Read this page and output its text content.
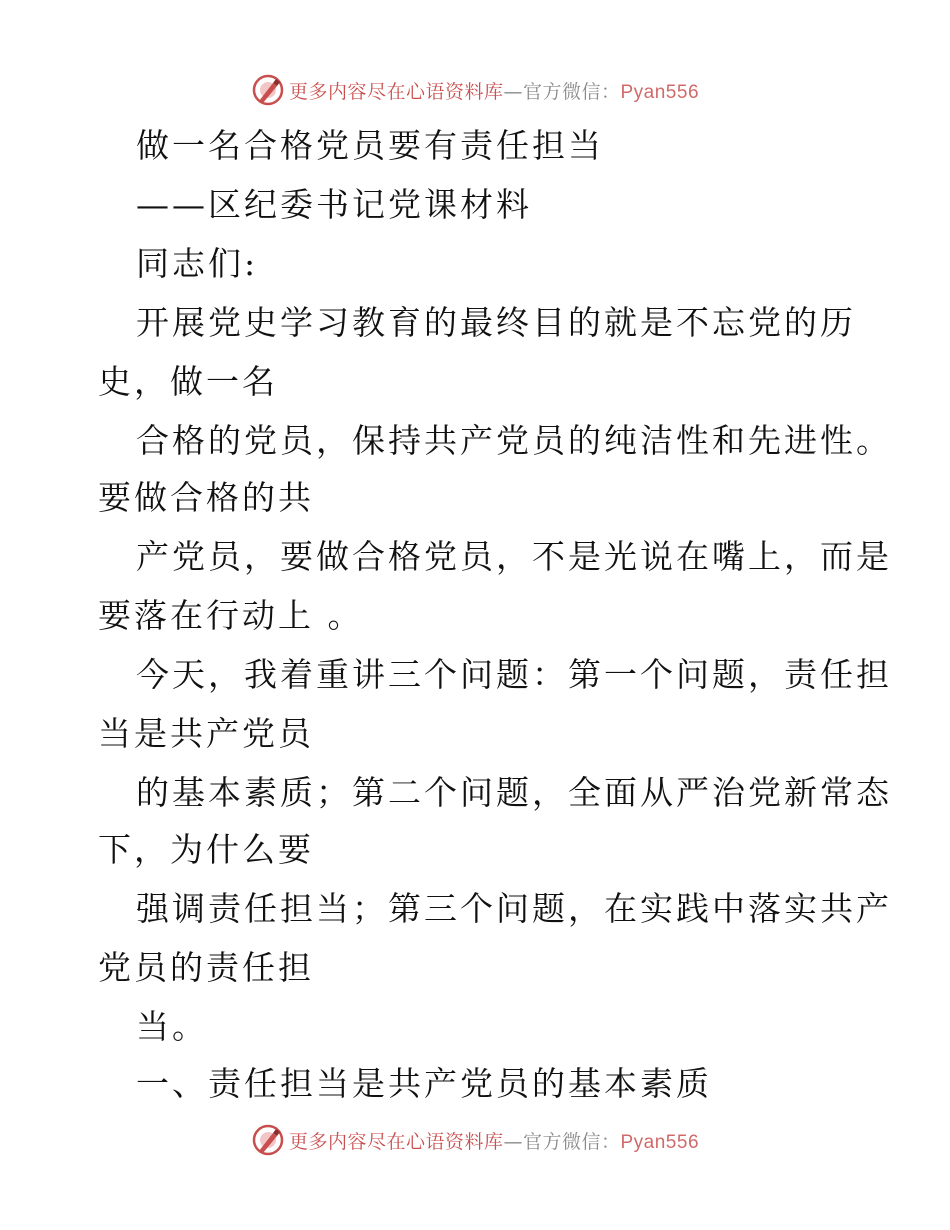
更多内容尽在心语资料库—官方微信：Pyan556
做一名合格党员要有责任担当
——区纪委书记党课材料
同志们:
开展党史学习教育的最终目的就是不忘党的历
史，做一名
合格的党员，保持共产党员的纯洁性和先进性。
要做合格的共
产党员，要做合格党员，不是光说在嘴上，而是
要落在行动上 。
今天，我着重讲三个问题：第一个问题，责任担
当是共产党员
的基本素质；第二个问题，全面从严治党新常态
下，为什么要
强调责任担当；第三个问题，在实践中落实共产
党员的责任担
当。
一、责任担当是共产党员的基本素质
更多内容尽在心语资料库—官方微信：Pyan556
